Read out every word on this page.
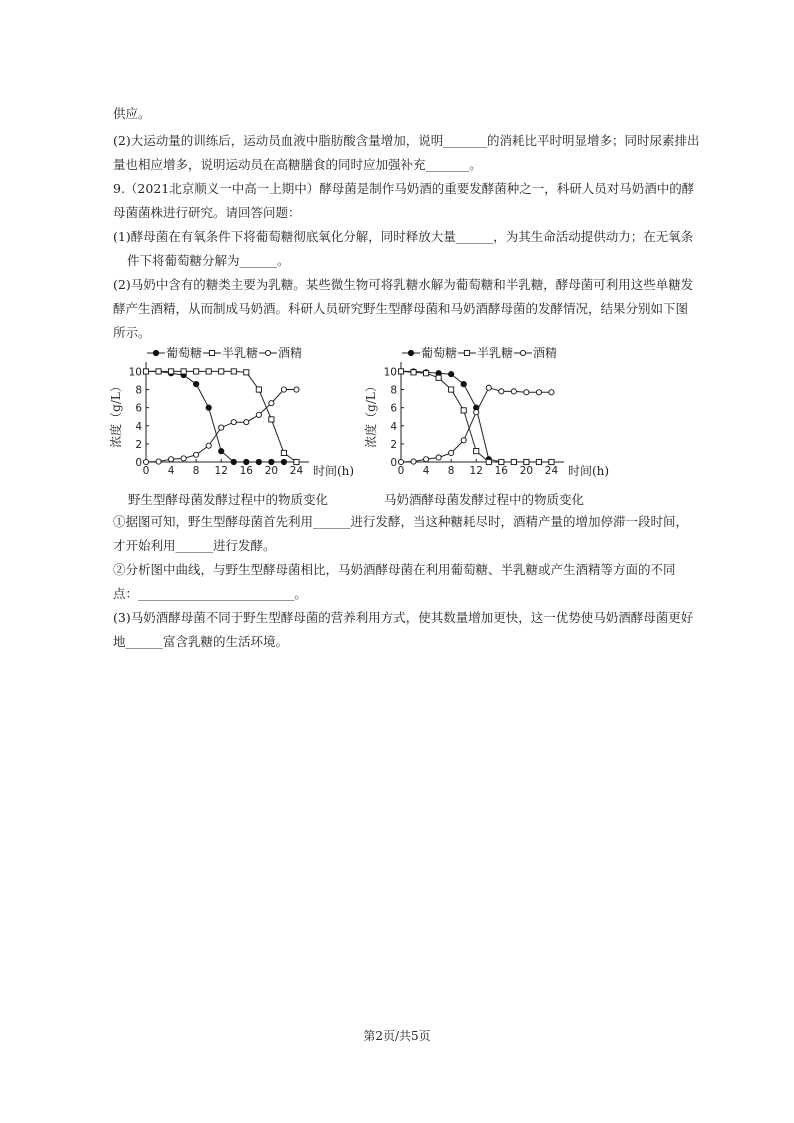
供应。
(2)大运动量的训练后，运动员血液中脂肪酸含量增加，说明_______的消耗比平时明显增多；同时尿素排出
量也相应增多，说明运动员在高糖膳食的同时应加强补充_______。
9.（2021北京顺义一中高一上期中）酵母菌是制作马奶酒的重要发酵菌种之一，科研人员对马奶酒中的酵
母菌菌株进行研究。请回答问题：
(1)酵母菌在有氧条件下将葡萄糖彻底氧化分解，同时释放大量______，为其生命活动提供动力；在无氧条
件下将葡萄糖分解为______。
(2)马奶中含有的糖类主要为乳糖。某些微生物可将乳糖水解为葡萄糖和半乳糖，酵母菌可利用这些单糖发
酵产生酒精，从而制成马奶酒。科研人员研究野生型酵母菌和马奶酒酵母菌的发酵情况，结果分别如下图
所示。
葡萄糖 半乳糖 酒精
0 4 8 12 16 20 24
0
2
4
6
8
10
时间(h)
浓度（g/L）
野生型酵母菌发酵过程中的物质变化
葡萄糖 半乳糖 酒精
0 4 8 12 16 20 24
0
2
4
6
8
10
时间(h)
浓度（g/L）
马奶酒酵母菌发酵过程中的物质变化
①据图可知，野生型酵母菌首先利用______进行发酵，当这种糖耗尽时，酒精产量的增加停滞一段时间，
才开始利用______进行发酵。
②分析图中曲线，与野生型酵母菌相比，马奶酒酵母菌在利用葡萄糖、半乳糖或产生酒精等方面的不同
点：_________________________。
(3)马奶酒酵母菌不同于野生型酵母菌的营养利用方式，使其数量增加更快，这一优势使马奶酒酵母菌更好
地______富含乳糖的生活环境。
第2页/共5页
